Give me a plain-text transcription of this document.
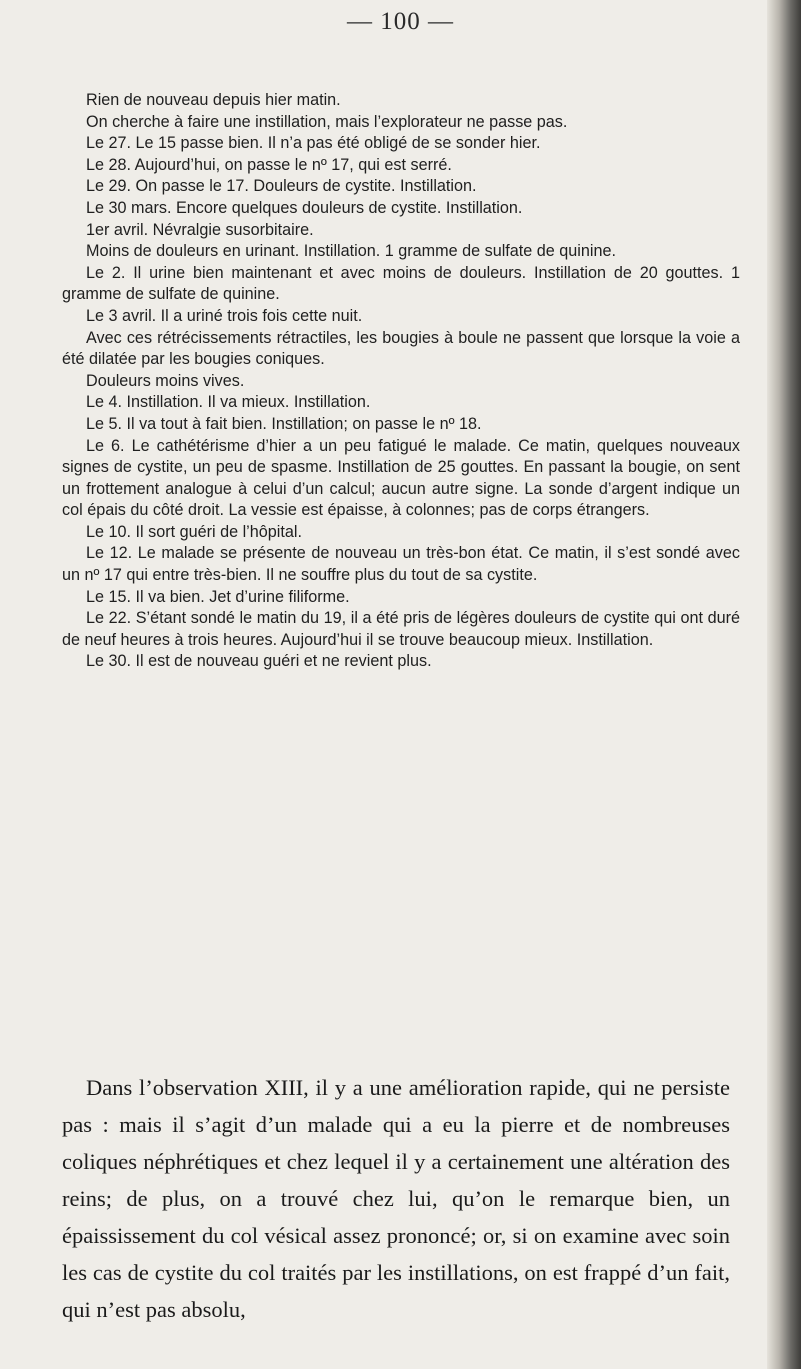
— 100 —

Rien de nouveau depuis hier matin.

On cherche à faire une instillation, mais l’explorateur ne passe pas.

Le 27. Le 15 passe bien. Il n’a pas été obligé de se sonder hier.

Le 28. Aujourd’hui, on passe le nº 17, qui est serré.

Le 29. On passe le 17. Douleurs de cystite. Instillation.

Le 30 mars. Encore quelques douleurs de cystite. Instillation.

1er avril. Névralgie susorbitaire.

Moins de douleurs en urinant. Instillation. 1 gramme de sulfate de quinine.

Le 2. Il urine bien maintenant et avec moins de douleurs. Instillation de 20 gouttes. 1 gramme de sulfate de quinine.

Le 3 avril. Il a uriné trois fois cette nuit.

Avec ces rétrécissements rétractiles, les bougies à boule ne passent que lorsque la voie a été dilatée par les bougies coniques.

Douleurs moins vives.

Le 4. Instillation. Il va mieux. Instillation.

Le 5. Il va tout à fait bien. Instillation; on passe le nº 18.

Le 6. Le cathétérisme d’hier a un peu fatigué le malade. Ce matin, quelques nouveaux signes de cystite, un peu de spasme. Instillation de 25 gouttes. En passant la bougie, on sent un frottement analogue à celui d’un calcul; aucun autre signe. La sonde d’argent indique un col épais du côté droit. La vessie est épaisse, à colonnes; pas de corps étrangers.

Le 10. Il sort guéri de l’hôpital.

Le 12. Le malade se présente de nouveau un très-bon état. Ce matin, il s’est sondé avec un nº 17 qui entre très-bien. Il ne souffre plus du tout de sa cystite.

Le 15. Il va bien. Jet d’urine filiforme.

Le 22. S’étant sondé le matin du 19, il a été pris de légères douleurs de cystite qui ont duré de neuf heures à trois heures. Aujourd’hui il se trouve beaucoup mieux. Instillation.

Le 30. Il est de nouveau guéri et ne revient plus.

Dans l’observation XIII, il y a une amélioration rapide, qui ne persiste pas : mais il s’agit d’un malade qui a eu la pierre et de nombreuses coliques néphrétiques et chez lequel il y a certainement une altération des reins; de plus, on a trouvé chez lui, qu’on le remarque bien, un épaississement du col vésical assez prononcé; or, si on examine avec soin les cas de cystite du col traités par les instillations, on est frappé d’un fait, qui n’est pas absolu,
